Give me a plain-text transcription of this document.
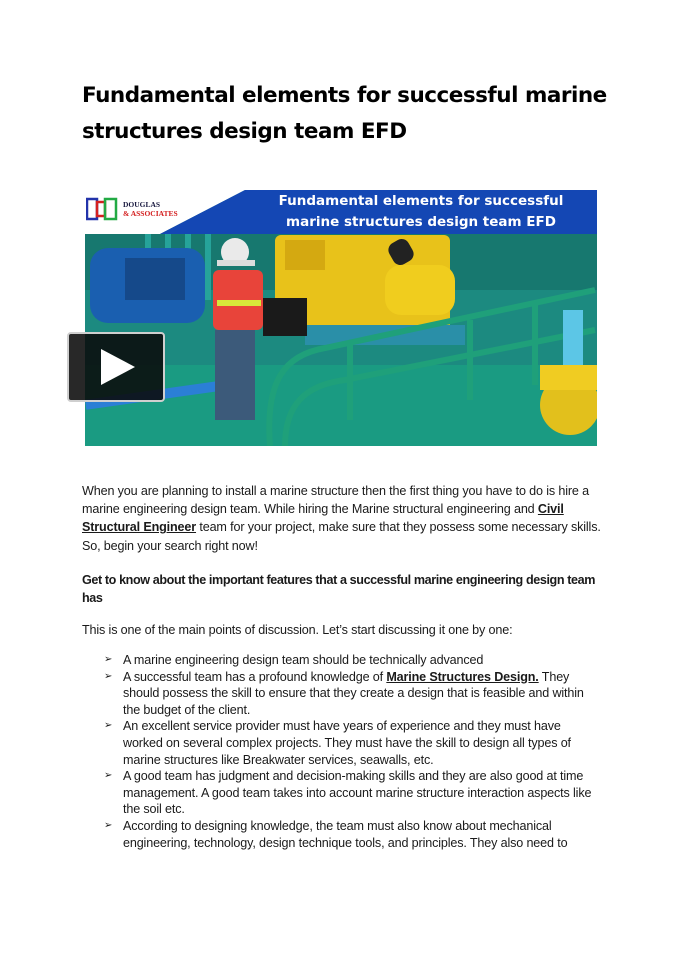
Fundamental elements for successful marine structures design team EFD
DOUGLAS
& ASSOCIATES
Fundamental elements for successful
marine structures design team EFD

When you are planning to install a marine structure then the first thing you have to do is hire a marine engineering design team. While hiring the Marine structural engineering and Civil Structural Engineer team for your project, make sure that they possess some necessary skills. So, begin your search right now!

Get to know about the important features that a successful marine engineering design team has

This is one of the main points of discussion. Let’s start discussing it one by one:

➢ A marine engineering design team should be technically advanced
➢ A successful team has a profound knowledge of Marine Structures Design. They should possess the skill to ensure that they create a design that is feasible and within the budget of the client.
➢ An excellent service provider must have years of experience and they must have worked on several complex projects. They must have the skill to design all types of marine structures like Breakwater services, seawalls, etc.
➢ A good team has judgment and decision-making skills and they are also good at time management. A good team takes into account marine structure interaction aspects like the soil etc.
➢ According to designing knowledge, the team must also know about mechanical engineering, technology, design technique tools, and principles. They also need to
